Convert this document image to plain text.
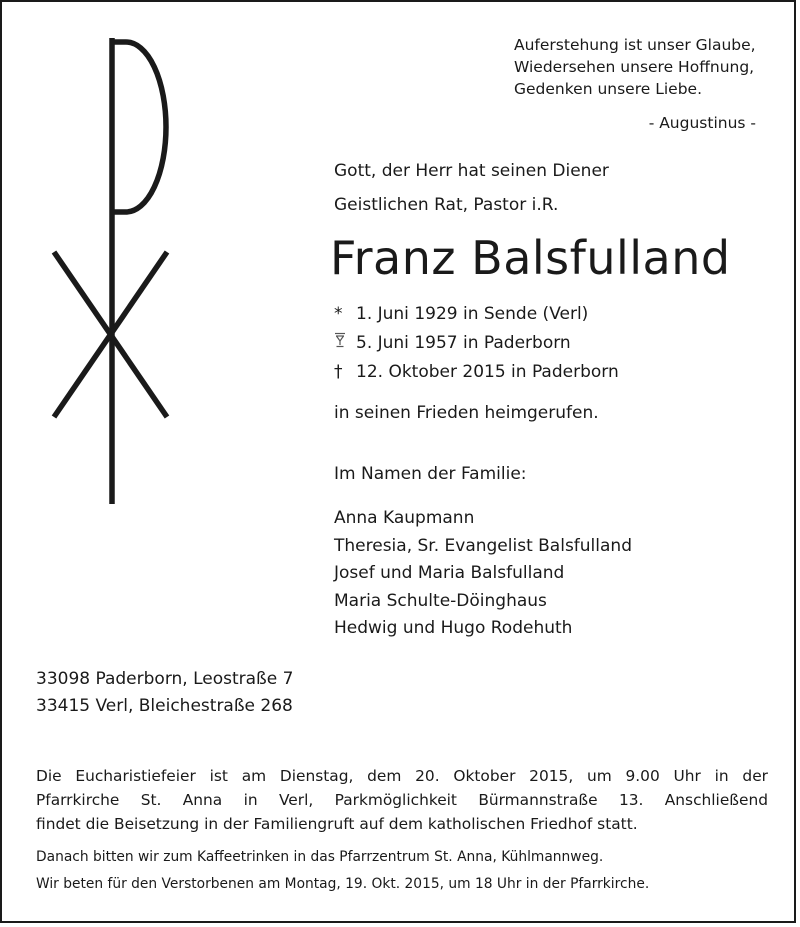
Auferstehung ist unser Glaube,
Wiedersehen unsere Hoffnung,
Gedenken unsere Liebe.
- Augustinus -
Gott, der Herr hat seinen Diener
Geistlichen Rat, Pastor i.R.
Franz Balsfulland
* 1. Juni 1929 in Sende (Verl)
5. Juni 1957 in Paderborn
† 12. Oktober 2015 in Paderborn
in seinen Frieden heimgerufen.
Im Namen der Familie:
Anna Kaupmann
Theresia, Sr. Evangelist Balsfulland
Josef und Maria Balsfulland
Maria Schulte-Döinghaus
Hedwig und Hugo Rodehuth
33098 Paderborn, Leostraße 7
33415 Verl, Bleichestraße 268
Die Eucharistiefeier ist am Dienstag, dem 20. Oktober 2015, um 9.00 Uhr in der
Pfarrkirche St. Anna in Verl, Parkmöglichkeit Bürmannstraße 13. Anschließend
findet die Beisetzung in der Familiengruft auf dem katholischen Friedhof statt.
Danach bitten wir zum Kaffeetrinken in das Pfarrzentrum St. Anna, Kühlmannweg.
Wir beten für den Verstorbenen am Montag, 19. Okt. 2015, um 18 Uhr in der Pfarrkirche.
